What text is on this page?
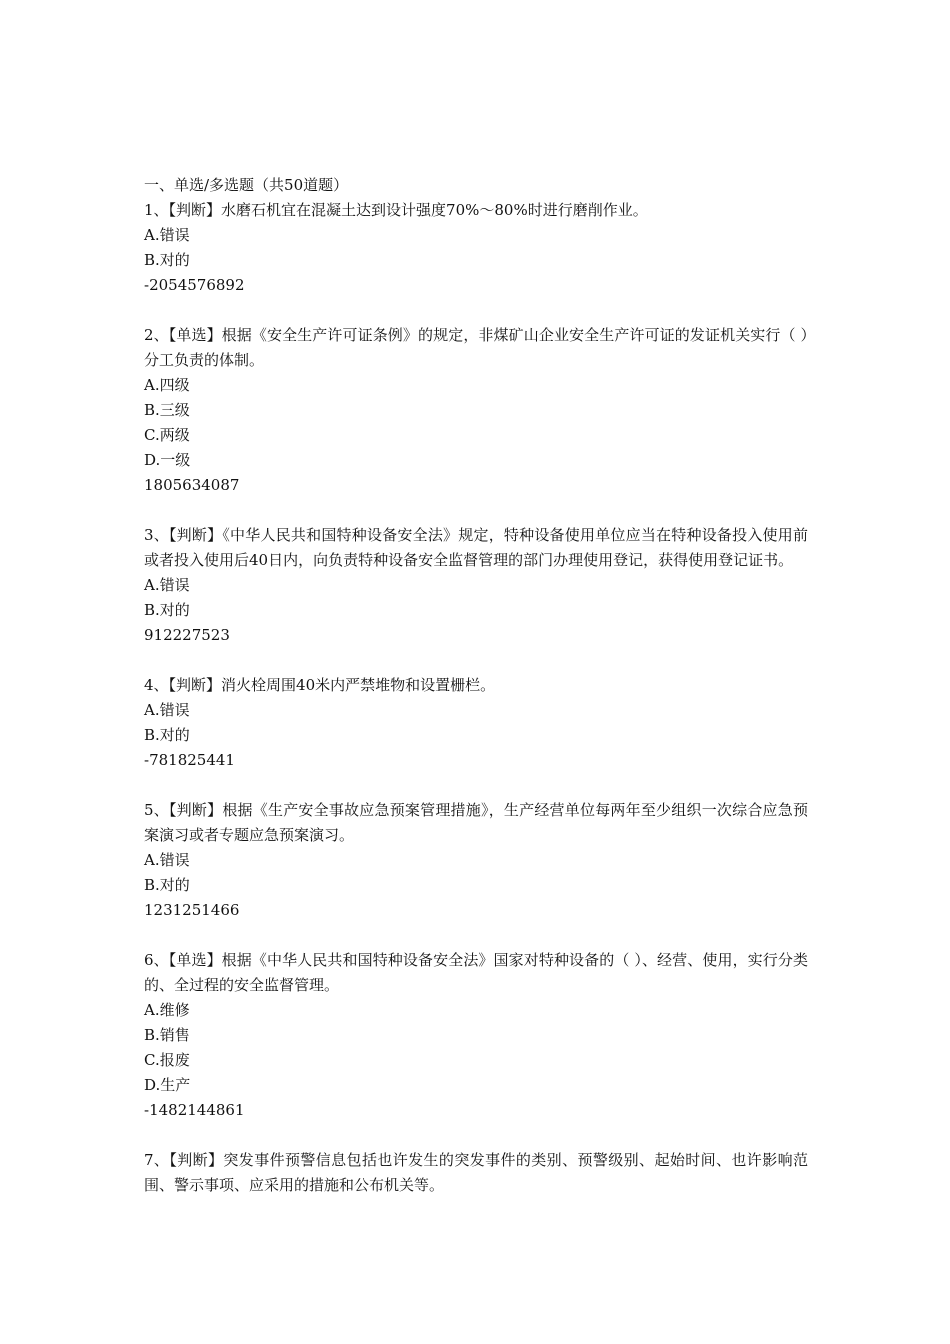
一、单选/多选题（共50道题）
1、【判断】水磨石机宜在混凝土达到设计强度70%～80%时进行磨削作业。
A.错误
B.对的
-2054576892
2、【单选】根据《安全生产许可证条例》的规定，非煤矿山企业安全生产许可证的发证机关实行（ ）分工负责的体制。
A.四级
B.三级
C.两级
D.一级
1805634087
3、【判断】《中华人民共和国特种设备安全法》规定，特种设备使用单位应当在特种设备投入使用前或者投入使用后40日内，向负责特种设备安全监督管理的部门办理使用登记，获得使用登记证书。
A.错误
B.对的
912227523
4、【判断】消火栓周围40米内严禁堆物和设置栅栏。
A.错误
B.对的
-781825441
5、【判断】根据《生产安全事故应急预案管理措施》，生产经营单位每两年至少组织一次综合应急预案演习或者专题应急预案演习。
A.错误
B.对的
1231251466
6、【单选】根据《中华人民共和国特种设备安全法》国家对特种设备的（ ）、经营、使用，实行分类的、全过程的安全监督管理。
A.维修
B.销售
C.报废
D.生产
-1482144861
7、【判断】突发事件预警信息包括也许发生的突发事件的类别、预警级别、起始时间、也许影响范围、警示事项、应采用的措施和公布机关等。
